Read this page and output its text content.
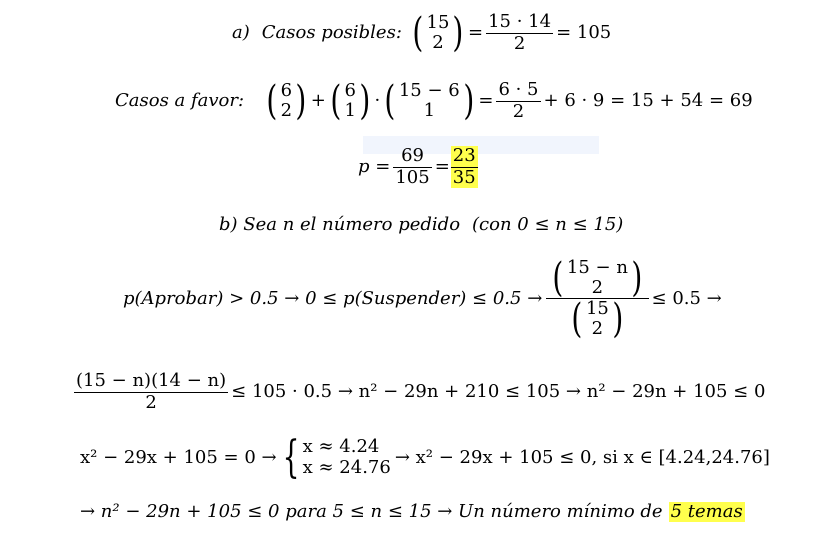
a) Casos posibles: ( 15
2 ) = $\frac{15 \cdot 14}{2} = 105$
Casos a favor: ( 6
2 ) + ( 6
1 ) · ( 15 − 6
1 ) = $\frac{6 \cdot 5}{2} + 6 \cdot 9 = 15 + 54 = 69$
$p = \frac{69}{105} = \frac{23}{35}$
b) Sea n el número pedido (con 0 ≤ n ≤ 15)
p(Aprobar) > 0.5 → 0 ≤ p(Suspender) ≤ 0.5 → ( 15 − n
2 )
( 15
2 ) ≤ 0.5 →
$\frac{(15 - n)(14 - n)}{2} \le 105 \cdot 0.5 \to n^2 - 29n + 210 \le 105 \to n^2 - 29n + 105 \le 0$
x² − 29x + 105 = 0 → { x ≈ 4.24
x ≈ 24.76 → x² − 29x + 105 ≤ 0, si x ∈ [4.24,24.76]
→ n² − 29n + 105 ≤ 0 para 5 ≤ n ≤ 15 → Un número mínimo de 5 temas
